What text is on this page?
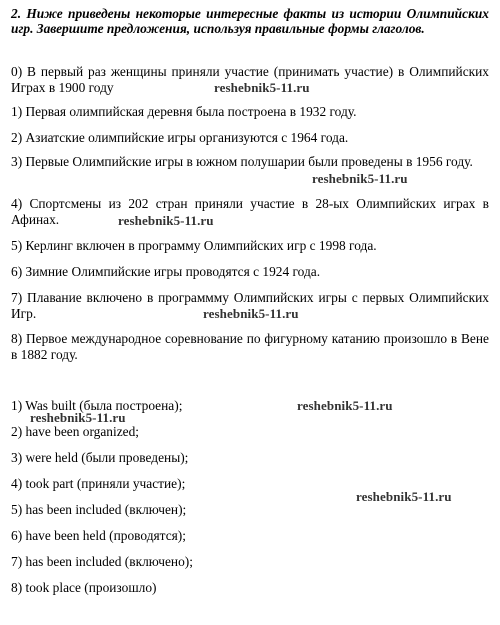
2. Ниже приведены некоторые интересные факты из истории Олимпийских игр. Завершите предложения, используя правильные формы глаголов.
0) В первый раз женщины приняли участие (принимать участие) в Олимпийских Играх в 1900 году
1) Первая олимпийская деревня была построена в 1932 году.
2) Азиатские олимпийские игры организуются с 1964 года.
3) Первые Олимпийские игры в южном полушарии были проведены в 1956 году.
4) Спортсмены из 202 стран приняли участие в 28-ых Олимпийских играх в Афинах.
5) Керлинг включен в программу Олимпийских игр с 1998 года.
6) Зимние Олимпийские игры проводятся с 1924 года.
7) Плавание включено в программму Олимпийских игры с первых Олимпийских Игр.
8) Первое международное соревнование по фигурному катанию произошло в Вене в 1882 году.
1) Was built (была построена);
2) have been organized;
3) were held (были проведены);
4) took part (приняли участие);
5) has been included (включен);
6) have been held (проводятся);
7) has been included (включено);
8) took place (произошло)
reshebnik5-11.ru
reshebnik5-11.ru
reshebnik5-11.ru
reshebnik5-11.ru
reshebnik5-11.ru
reshebnik5-11.ru
reshebnik5-11.ru
